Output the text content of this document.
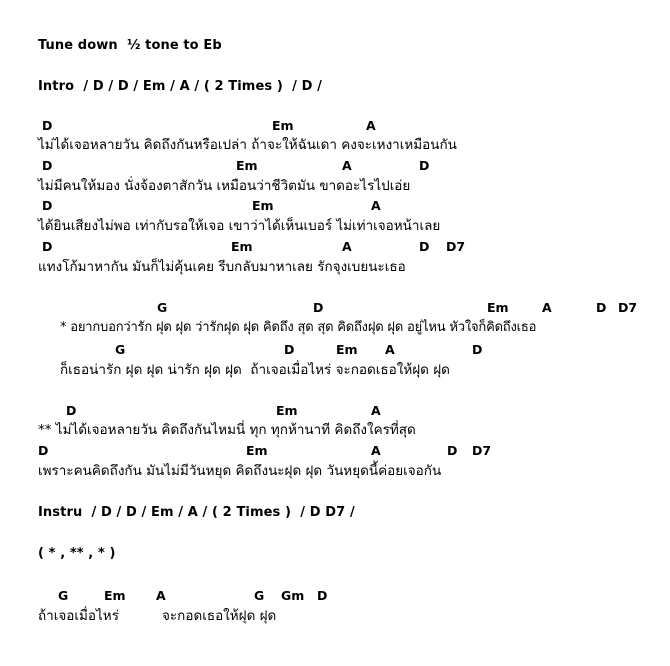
Tune down  ½ tone to Eb
Intro  / D / D / Em / A / ( 2 Times )  / D /
D	Em	A
ไม่ได้เจอหลายวัน คิดถึงกันหรือเปล่า ถ้าจะให้ฉันเดา คงจะเหงาเหมือนกัน
D	Em	A	D
ไม่มีคนให้มอง นั่งจ้องตาสักวัน เหมือนว่าชีวิตมัน ขาดอะไรไปเอ่ย
D	Em	A
ได้ยินเสียงไม่พอ เท่ากับรอให้เจอ เขาว่าได้เห็นเบอร์ ไม่เท่าเจอหน้าเลย
D	Em	A	D D7
แทงโก้มาหากัน มันก็ไม่คุ้นเคย รีบกลับมาหาเลย รักจุงเบยนะเธอ
G	D	Em	A	D D7
* อยากบอกว่ารัก ฝุด ฝุด ว่ารักฝุด ฝุด คิดถึง สุด สุด คิดถึงฝุด ฝุด อยู่ไหน หัวใจก็คิดถึงเธอ
G	D	Em A	D
ก็เธอน่ารัก ฝุด ฝุด น่ารัก ฝุด ฝุด  ถ้าเจอเมื่อไหร่ จะกอดเธอให้ฝุด ฝุด
D	Em	A
** ไม่ได้เจอหลายวัน คิดถึงกันไหมนี่ ทุก ทุกห้านาที คิดถึงใครที่สุด
D	Em	A	D D7
เพราะคนคิดถึงกัน มันไม่มีวันหยุด คิดถึงนะฝุด ฝุด วันหยุดนี้ค่อยเจอกัน
Instru  / D / D / Em / A / ( 2 Times )  / D D7 /
( * , ** , * )
G	Em A	G Gm D
ถ้าเจอเมื่อไหร่	จะกอดเธอให้ฝุด ฝุด
